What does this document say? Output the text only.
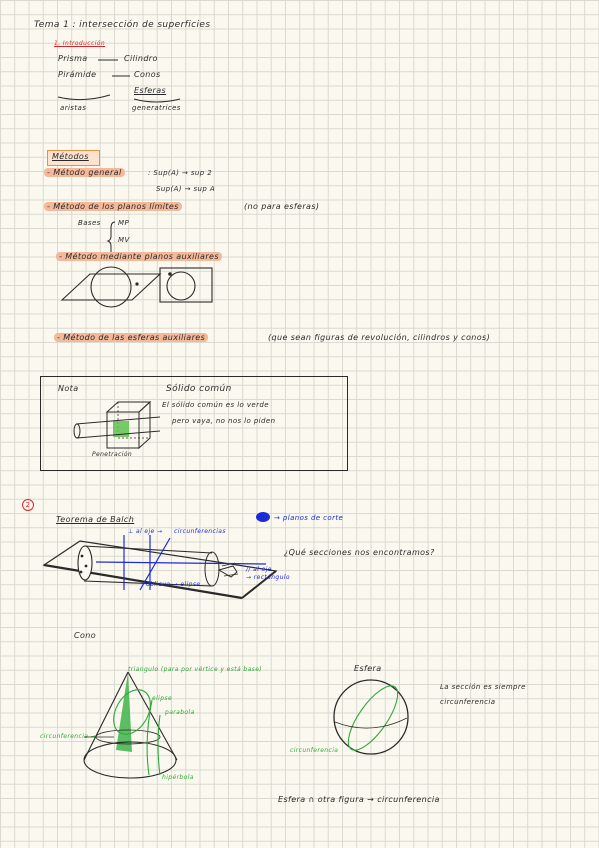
Tema 1 : intersección de superficies
1. Introducción
Prisma	Cilindro
Pirámide	Conos
Esferas
aristas	generatrices
Métodos
- Método general	: Sup(A) → sup 2
Sup(A) → sup A
- Método de los planos límites	(no para esferas)
Bases MP
MV
- Método mediante planos auxiliares
- Método de las esferas auxiliares	(que sean figuras de revolución, cilindros y conos)
Nota	Sólido común
El sólido común es lo verde
pero vaya, no nos lo piden
Penetración
2
Teorema de Balch
⊥ al eje → circunferencias
→ planos de corte
¿Qué secciones nos encontramos?
// al eje
→ rectángulo
oblicua → elipse
Cono
triangulo (para por vértice y está base)
elipse
parabola
circunferencia →
hipérbola
Esfera
La sección es siempre
circunferencia
circunferencia
Esfera ∩ otra figura → circunferencia
